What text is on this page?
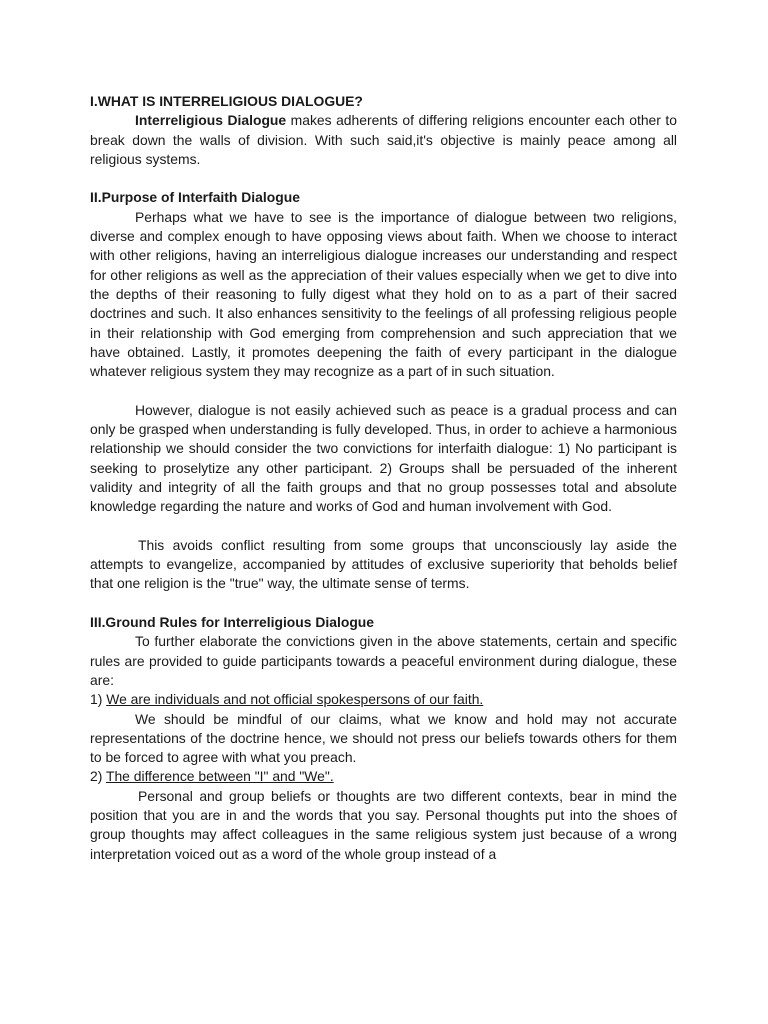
I.WHAT IS INTERRELIGIOUS DIALOGUE?

Interreligious Dialogue makes adherents of differing religions encounter each other to break down the walls of division. With such said,it's objective is mainly peace among all religious systems.

II.Purpose of Interfaith Dialogue

Perhaps what we have to see is the importance of dialogue between two religions, diverse and complex enough to have opposing views about faith. When we choose to interact with other religions, having an interreligious dialogue increases our understanding and respect for other religions as well as the appreciation of their values especially when we get to dive into the depths of their reasoning to fully digest what they hold on to as a part of their sacred doctrines and such. It also enhances sensitivity to the feelings of all professing religious people in their relationship with God emerging from comprehension and such appreciation that we have obtained. Lastly, it promotes deepening the faith of every participant in the dialogue whatever religious system they may recognize as a part of in such situation.

However, dialogue is not easily achieved such as peace is a gradual process and can only be grasped when understanding is fully developed. Thus, in order to achieve a harmonious relationship we should consider the two convictions for interfaith dialogue: 1) No participant is seeking to proselytize any other participant. 2) Groups shall be persuaded of the inherent validity and integrity of all the faith groups and that no group possesses total and absolute knowledge regarding the nature and works of God and human involvement with God.

This avoids conflict resulting from some groups that unconsciously lay aside the attempts to evangelize, accompanied by attitudes of exclusive superiority that beholds belief that one religion is the "true" way, the ultimate sense of terms.

III.Ground Rules for Interreligious Dialogue

To further elaborate the convictions given in the above statements, certain and specific rules are provided to guide participants towards a peaceful environment during dialogue, these are:

1) We are individuals and not official spokespersons of our faith.

We should be mindful of our claims, what we know and hold may not accurate representations of the doctrine hence, we should not press our beliefs towards others for them to be forced to agree with what you preach.

2) The difference between "I" and "We".

Personal and group beliefs or thoughts are two different contexts, bear in mind the position that you are in and the words that you say. Personal thoughts put into the shoes of group thoughts may affect colleagues in the same religious system just because of a wrong interpretation voiced out as a word of the whole group instead of a
